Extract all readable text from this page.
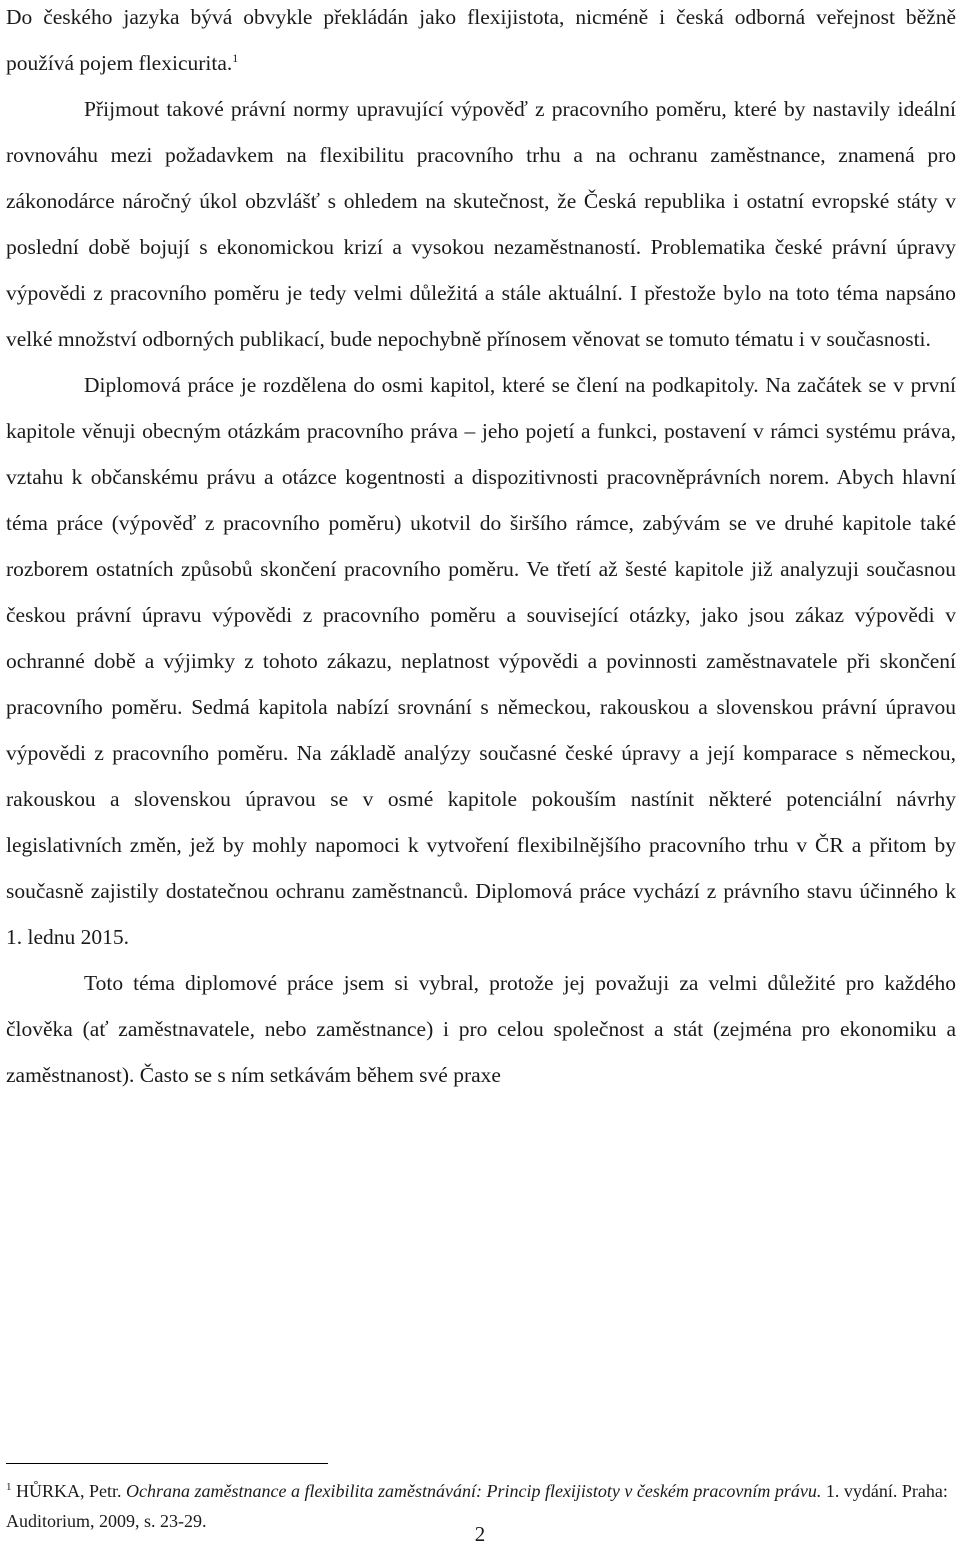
Do českého jazyka bývá obvykle překládán jako flexijistota, nicméně i česká odborná veřejnost běžně používá pojem flexicurita.$^1$

Přijmout takové právní normy upravující výpověď z pracovního poměru, které by nastavily ideální rovnováhu mezi požadavkem na flexibilitu pracovního trhu a na ochranu zaměstnance, znamená pro zákonodárce náročný úkol obzvlášť s ohledem na skutečnost, že Česká republika i ostatní evropské státy v poslední době bojují s ekonomickou krizí a vysokou nezaměstnaností. Problematika české právní úpravy výpovědi z pracovního poměru je tedy velmi důležitá a stále aktuální. I přestože bylo na toto téma napsáno velké množství odborných publikací, bude nepochybně přínosem věnovat se tomuto tématu i v současnosti.

Diplomová práce je rozdělena do osmi kapitol, které se člení na podkapitoly. Na začátek se v první kapitole věnuji obecným otázkám pracovního práva – jeho pojetí a funkci, postavení v rámci systému práva, vztahu k občanskému právu a otázce kogentnosti a dispozitivnosti pracovněprávních norem. Abych hlavní téma práce (výpověď z pracovního poměru) ukotvil do širšího rámce, zabývám se ve druhé kapitole také rozborem ostatních způsobů skončení pracovního poměru. Ve třetí až šesté kapitole již analyzuji současnou českou právní úpravu výpovědi z pracovního poměru a související otázky, jako jsou zákaz výpovědi v ochranné době a výjimky z tohoto zákazu, neplatnost výpovědi a povinnosti zaměstnavatele při skončení pracovního poměru. Sedmá kapitola nabízí srovnání s německou, rakouskou a slovenskou právní úpravou výpovědi z pracovního poměru. Na základě analýzy současné české úpravy a její komparace s německou, rakouskou a slovenskou úpravou se v osmé kapitole pokouším nastínit některé potenciální návrhy legislativních změn, jež by mohly napomoci k vytvoření flexibilnějšího pracovního trhu v ČR a přitom by současně zajistily dostatečnou ochranu zaměstnanců. Diplomová práce vychází z právního stavu účinného k 1. lednu 2015.

Toto téma diplomové práce jsem si vybral, protože jej považuji za velmi důležité pro každého člověka (ať zaměstnavatele, nebo zaměstnance) i pro celou společnost a stát (zejména pro ekonomiku a zaměstnanost). Často se s ním setkávám během své praxe

$^1$ HŮRKA, Petr. Ochrana zaměstnance a flexibilita zaměstnávání: Princip flexijistoty v českém pracovním právu. 1. vydání. Praha: Auditorium, 2009, s. 23-29.

2
